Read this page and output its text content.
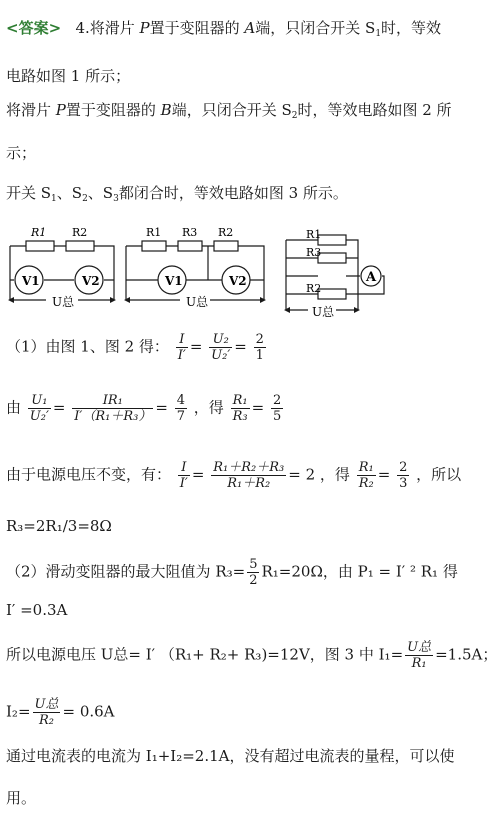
<答案> 4.将滑片 P置于变阻器的 A端，只闭合开关 $S_1$时，等效
电路如图 1 所示；
将滑片 P置于变阻器的 B端，只闭合开关 $S_2$时，等效电路如图 2 所
示；
开关 $S_1$、$S_2$、$S_3$都闭合时，等效电路如图 3 所示。
R1 R2
V1	V2
U总
R1 R3 R2
V1	V2
U总
R1
R3
R2
A
U总
（1）由图 1、图 2 得： $\frac{I}{I'} = \frac{\text{U₂}}{\text{U₂′}} = \frac{2}{1}$
由 $\frac{\text{U₁}}{\text{U₂′}} = \frac{\text{IR₁}}{\text{I′（R₁＋R₃）}} = \frac{4}{7}$ ，得 $\frac{\text{R₁}}{\text{R₃}} = \frac{2}{5}$
由于电源电压不变，有： $\frac{I}{I'} = \frac{\text{R₁＋R₂＋R₃}}{\text{R₁＋R₂}} = 2$ ，得 $\frac{\text{R₁}}{\text{R₂}} = \frac{2}{3}$ ，所以
R₃=2R₁/3=8Ω
（2）滑动变阻器的最大阻值为 $R_3= \frac{5}{2} R_1=20\Omega$，由 P₁ = I′ ² R₁ 得
I′ =0.3A
所以电源电压 U总= I′ （R₁+ R₂+ R₃)=12V，图 3 中 $I_1= \frac{\text{U总}}{\text{R₁}} =1.5A$；
$I_2= \frac{\text{U总}}{\text{R₂}} = 0.6A$
通过电流表的电流为 I₁+I₂=2.1A，没有超过电流表的量程，可以使
用。
